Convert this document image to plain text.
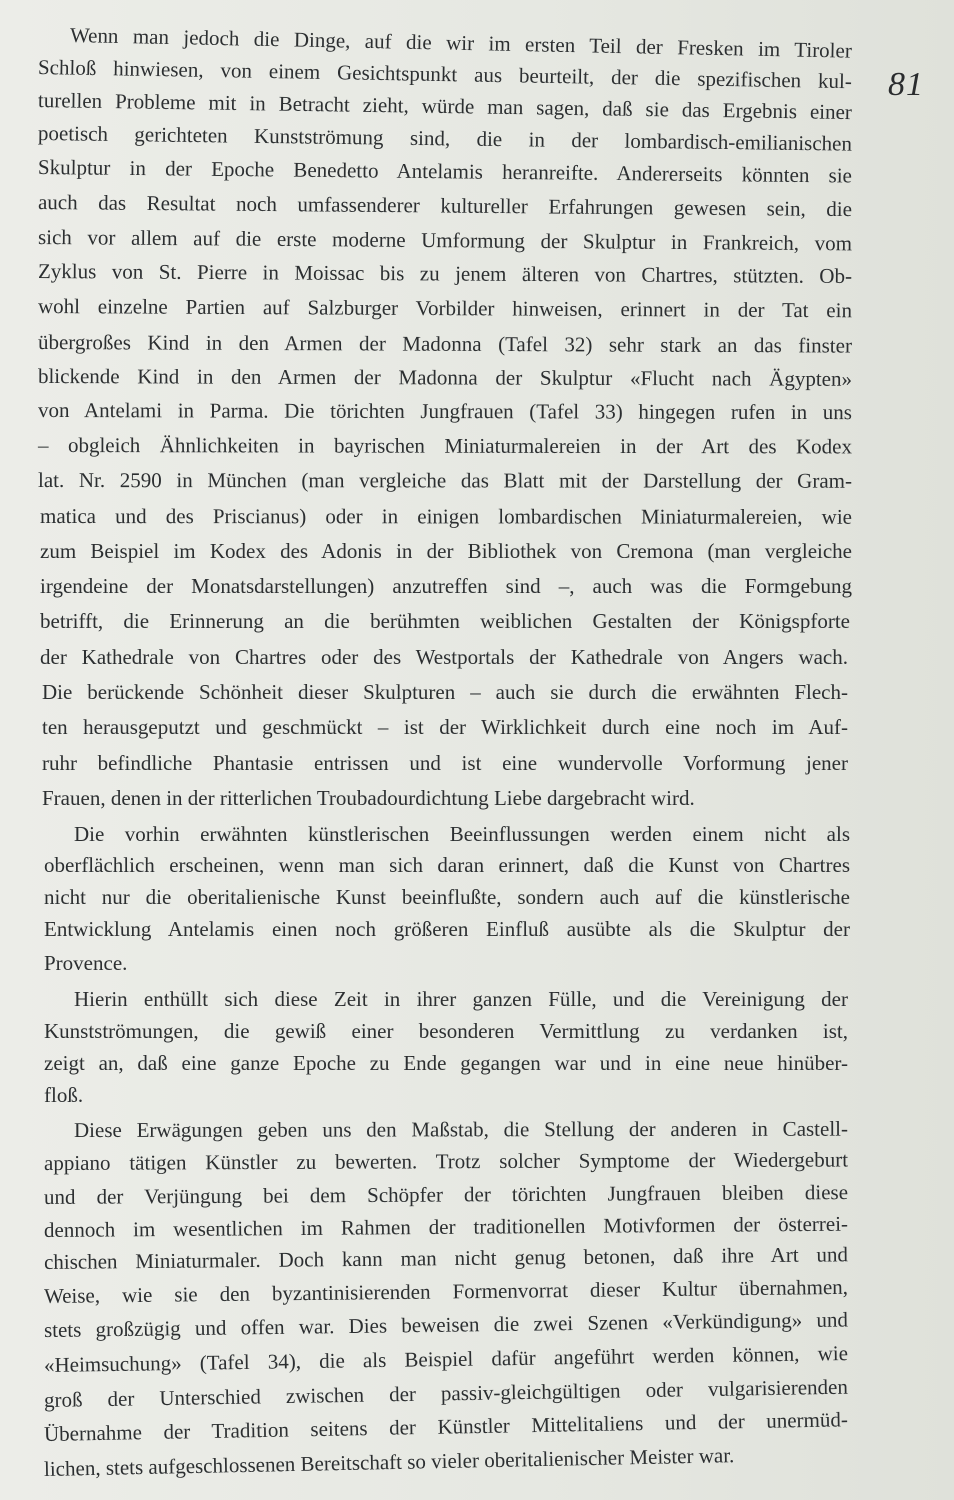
81
Wenn man jedoch die Dinge, auf die wir im ersten Teil der Fresken im Tiroler
Schloß hinwiesen, von einem Gesichtspunkt aus beurteilt, der die spezifischen kul-
turellen Probleme mit in Betracht zieht, würde man sagen, daß sie das Ergebnis einer
poetisch gerichteten Kunstströmung sind, die in der lombardisch-emilianischen
Skulptur in der Epoche Benedetto Antelamis heranreifte. Andererseits könnten sie
auch das Resultat noch umfassenderer kultureller Erfahrungen gewesen sein, die
sich vor allem auf die erste moderne Umformung der Skulptur in Frankreich, vom
Zyklus von St. Pierre in Moissac bis zu jenem älteren von Chartres, stützten. Ob-
wohl einzelne Partien auf Salzburger Vorbilder hinweisen, erinnert in der Tat ein
übergroßes Kind in den Armen der Madonna (Tafel 32) sehr stark an das finster
blickende Kind in den Armen der Madonna der Skulptur «Flucht nach Ägypten»
von Antelami in Parma. Die törichten Jungfrauen (Tafel 33) hingegen rufen in uns
– obgleich Ähnlichkeiten in bayrischen Miniaturmalereien in der Art des Kodex
lat. Nr. 2590 in München (man vergleiche das Blatt mit der Darstellung der Gram-
matica und des Priscianus) oder in einigen lombardischen Miniaturmalereien, wie
zum Beispiel im Kodex des Adonis in der Bibliothek von Cremona (man vergleiche
irgendeine der Monatsdarstellungen) anzutreffen sind –, auch was die Formgebung
betrifft, die Erinnerung an die berühmten weiblichen Gestalten der Königspforte
der Kathedrale von Chartres oder des Westportals der Kathedrale von Angers wach.
Die berückende Schönheit dieser Skulpturen – auch sie durch die erwähnten Flech-
ten herausgeputzt und geschmückt – ist der Wirklichkeit durch eine noch im Auf-
ruhr befindliche Phantasie entrissen und ist eine wundervolle Vorformung jener
Frauen, denen in der ritterlichen Troubadourdichtung Liebe dargebracht wird.
Die vorhin erwähnten künstlerischen Beeinflussungen werden einem nicht als
oberflächlich erscheinen, wenn man sich daran erinnert, daß die Kunst von Chartres
nicht nur die oberitalienische Kunst beeinflußte, sondern auch auf die künstlerische
Entwicklung Antelamis einen noch größeren Einfluß ausübte als die Skulptur der
Provence.
Hierin enthüllt sich diese Zeit in ihrer ganzen Fülle, und die Vereinigung der
Kunstströmungen, die gewiß einer besonderen Vermittlung zu verdanken ist,
zeigt an, daß eine ganze Epoche zu Ende gegangen war und in eine neue hinüber-
floß.
Diese Erwägungen geben uns den Maßstab, die Stellung der anderen in Castell-
appiano tätigen Künstler zu bewerten. Trotz solcher Symptome der Wiedergeburt
und der Verjüngung bei dem Schöpfer der törichten Jungfrauen bleiben diese
dennoch im wesentlichen im Rahmen der traditionellen Motivformen der österrei-
chischen Miniaturmaler. Doch kann man nicht genug betonen, daß ihre Art und
Weise, wie sie den byzantinisierenden Formenvorrat dieser Kultur übernahmen,
stets großzügig und offen war. Dies beweisen die zwei Szenen «Verkündigung» und
«Heimsuchung» (Tafel 34), die als Beispiel dafür angeführt werden können, wie
groß der Unterschied zwischen der passiv-gleichgültigen oder vulgarisierenden
Übernahme der Tradition seitens der Künstler Mittelitaliens und der unermüd-
lichen, stets aufgeschlossenen Bereitschaft so vieler oberitalienischer Meister war.
